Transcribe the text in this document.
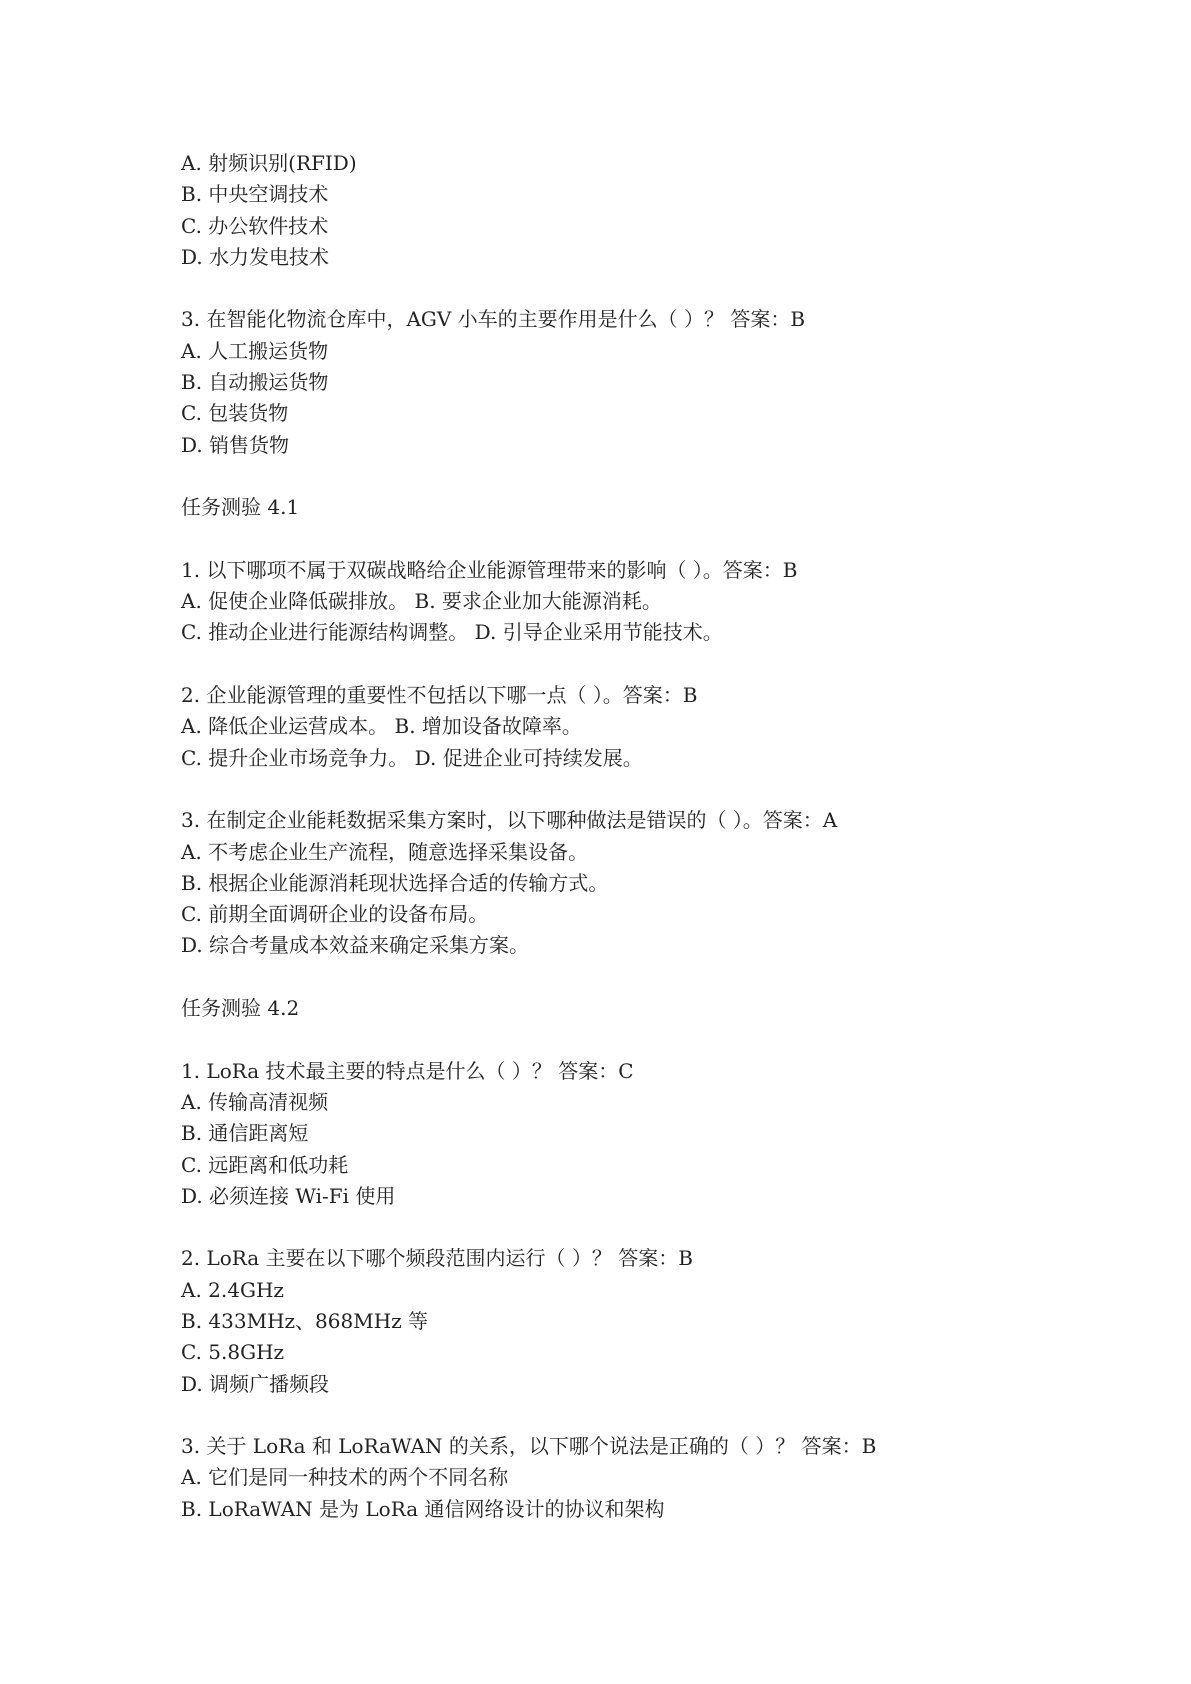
A. 射频识别(RFID)
B. 中央空调技术
C. 办公软件技术
D. 水力发电技术
3. 在智能化物流仓库中，AGV 小车的主要作用是什么（ ）？ 答案：B
A. 人工搬运货物
B. 自动搬运货物
C. 包装货物
D. 销售货物
任务测验 4.1
1. 以下哪项不属于双碳战略给企业能源管理带来的影响（ ）。答案：B
A. 促使企业降低碳排放。 B. 要求企业加大能源消耗。
C. 推动企业进行能源结构调整。 D. 引导企业采用节能技术。
2. 企业能源管理的重要性不包括以下哪一点（ ）。答案：B
A. 降低企业运营成本。 B. 增加设备故障率。
C. 提升企业市场竞争力。 D. 促进企业可持续发展。
3. 在制定企业能耗数据采集方案时，以下哪种做法是错误的（ ）。答案：A
A. 不考虑企业生产流程，随意选择采集设备。
B. 根据企业能源消耗现状选择合适的传输方式。
C. 前期全面调研企业的设备布局。
D. 综合考量成本效益来确定采集方案。
任务测验 4.2
1. LoRa 技术最主要的特点是什么（ ）？ 答案：C
A. 传输高清视频
B. 通信距离短
C. 远距离和低功耗
D. 必须连接 Wi-Fi 使用
2. LoRa 主要在以下哪个频段范围内运行（ ）？ 答案：B
A. 2.4GHz
B. 433MHz、868MHz 等
C. 5.8GHz
D. 调频广播频段
3. 关于 LoRa 和 LoRaWAN 的关系，以下哪个说法是正确的（ ）？ 答案：B
A. 它们是同一种技术的两个不同名称
B. LoRaWAN 是为 LoRa 通信网络设计的协议和架构
